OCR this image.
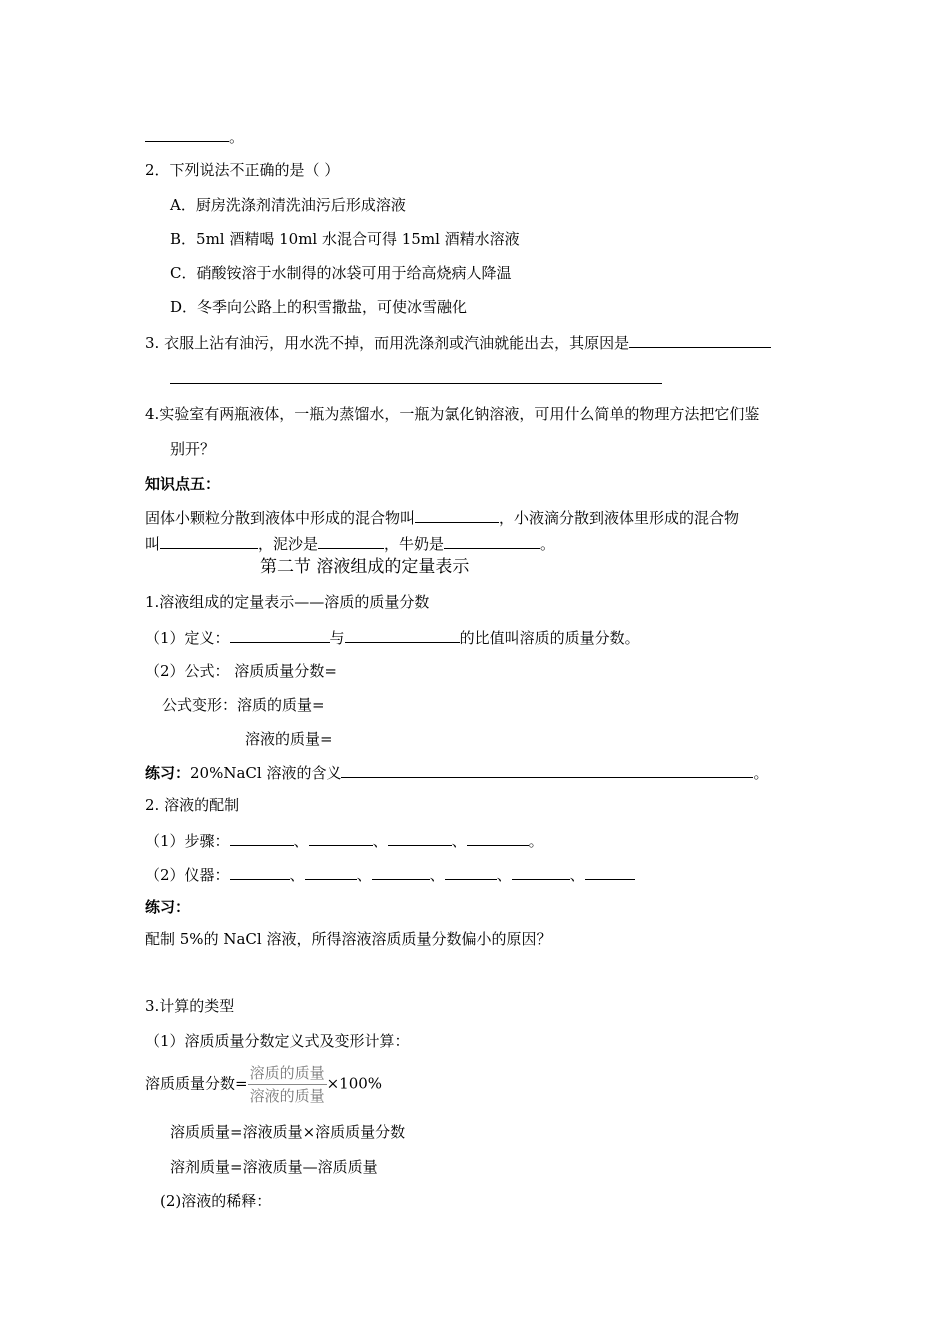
。
2．下列说法不正确的是（ ）
A．厨房洗涤剂清洗油污后形成溶液
B．5ml 酒精喝 10ml 水混合可得 15ml 酒精水溶液
C．硝酸铵溶于水制得的冰袋可用于给高烧病人降温
D．冬季向公路上的积雪撒盐，可使冰雪融化
3. 衣服上沾有油污，用水洗不掉，而用洗涤剂或汽油就能出去，其原因是
4.实验室有两瓶液体，一瓶为蒸馏水，一瓶为氯化钠溶液，可用什么简单的物理方法把它们鉴
别开？
知识点五：
固体小颗粒分散到液体中形成的混合物叫	，小液滴分散到液体里形成的混合物
叫	，泥沙是	，牛奶是	。
第二节 溶液组成的定量表示
1.溶液组成的定量表示——溶质的质量分数
（1）定义：	与	的比值叫溶质的质量分数。
（2）公式： 溶质质量分数=
公式变形：溶质的质量=
溶液的质量=
练习：20%NaCl 溶液的含义	。
2. 溶液的配制
（1）步骤：	、	、	、	。
（2）仪器：	、	、	、	、	、
练习：
配制 5%的 NaCl 溶液，所得溶液溶质质量分数偏小的原因？
3.计算的类型
（1）溶质质量分数定义式及变形计算：
溶质质量分数= $\frac{\text{溶质的质量}}{\text{溶液的质量}} \times 100\%$
溶质质量=溶液质量×溶质质量分数
溶剂质量=溶液质量—溶质质量
(2)溶液的稀释：
